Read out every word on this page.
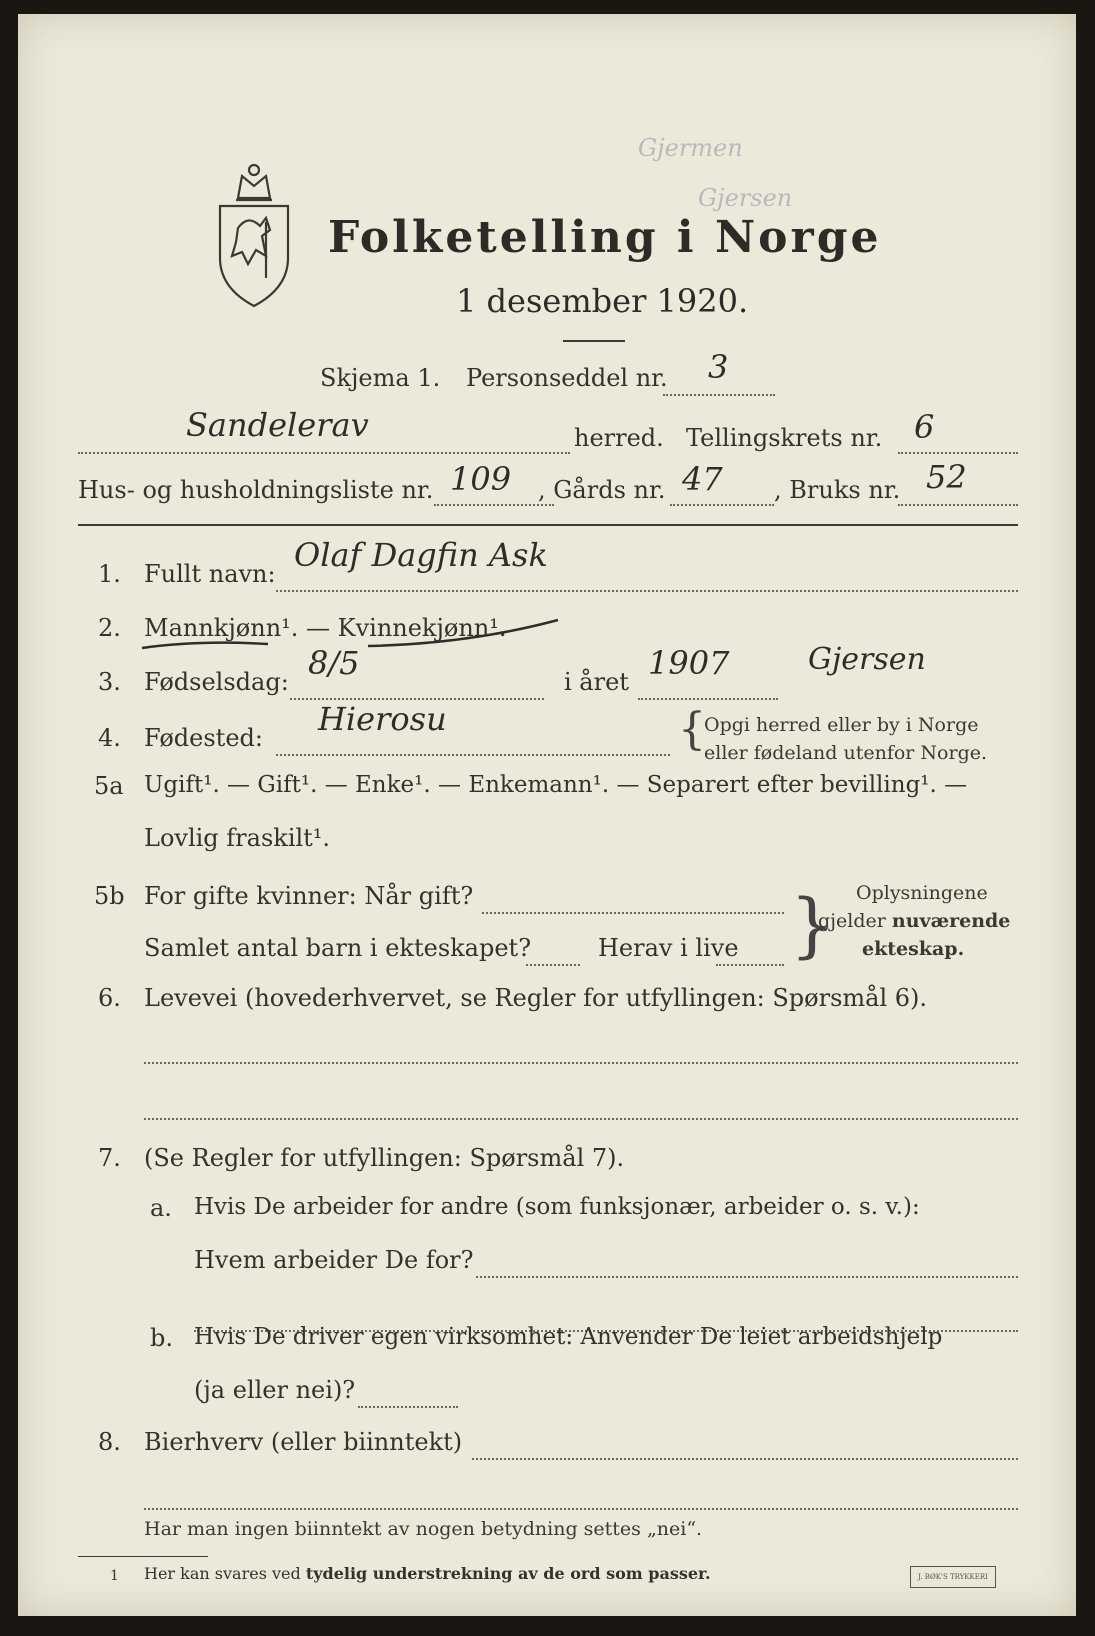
Folketelling i Norge
1 desember 1920.
Skjema 1. Personseddel nr. 3
Sandelerav	herred. Tellingskrets nr. 6
Hus- og husholdningsliste nr. 109 , Gårds nr. 47 , Bruks nr. 52
Gjermen
Gjersen
1. Fullt navn: Olaf Dagfin Ask
2. Mannkjønn¹. — Kvinnekjønn¹.
3. Fødselsdag: 8/5	i året 1907	Gjersen
4. Fødested: Hierosu	{
Opgi herred eller by i Norge
eller fødeland utenfor Norge.
5a Ugift¹. — Gift¹. — Enke¹. — Enkemann¹. — Separert efter bevilling¹. —
Lovlig fraskilt¹.
5b For gifte kvinner: Når gift?
Samlet antal barn i ekteskapet?	Herav i live } Oplysningene
gjelder nuværende
ekteskap.
6. Levevei (hovederhvervet, se Regler for utfyllingen: Spørsmål 6).
7. (Se Regler for utfyllingen: Spørsmål 7).
a. Hvis De arbeider for andre (som funksjonær, arbeider o. s. v.):
Hvem arbeider De for?
b. Hvis De driver egen virksomhet: Anvender De leiet arbeidshjelp
(ja eller nei)?
8. Bierhverv (eller biinntekt)
Har man ingen biinntekt av nogen betydning settes „nei“.
1 Her kan svares ved tydelig understrekning av de ord som passer.	J. BØK'S TRYKKERI
